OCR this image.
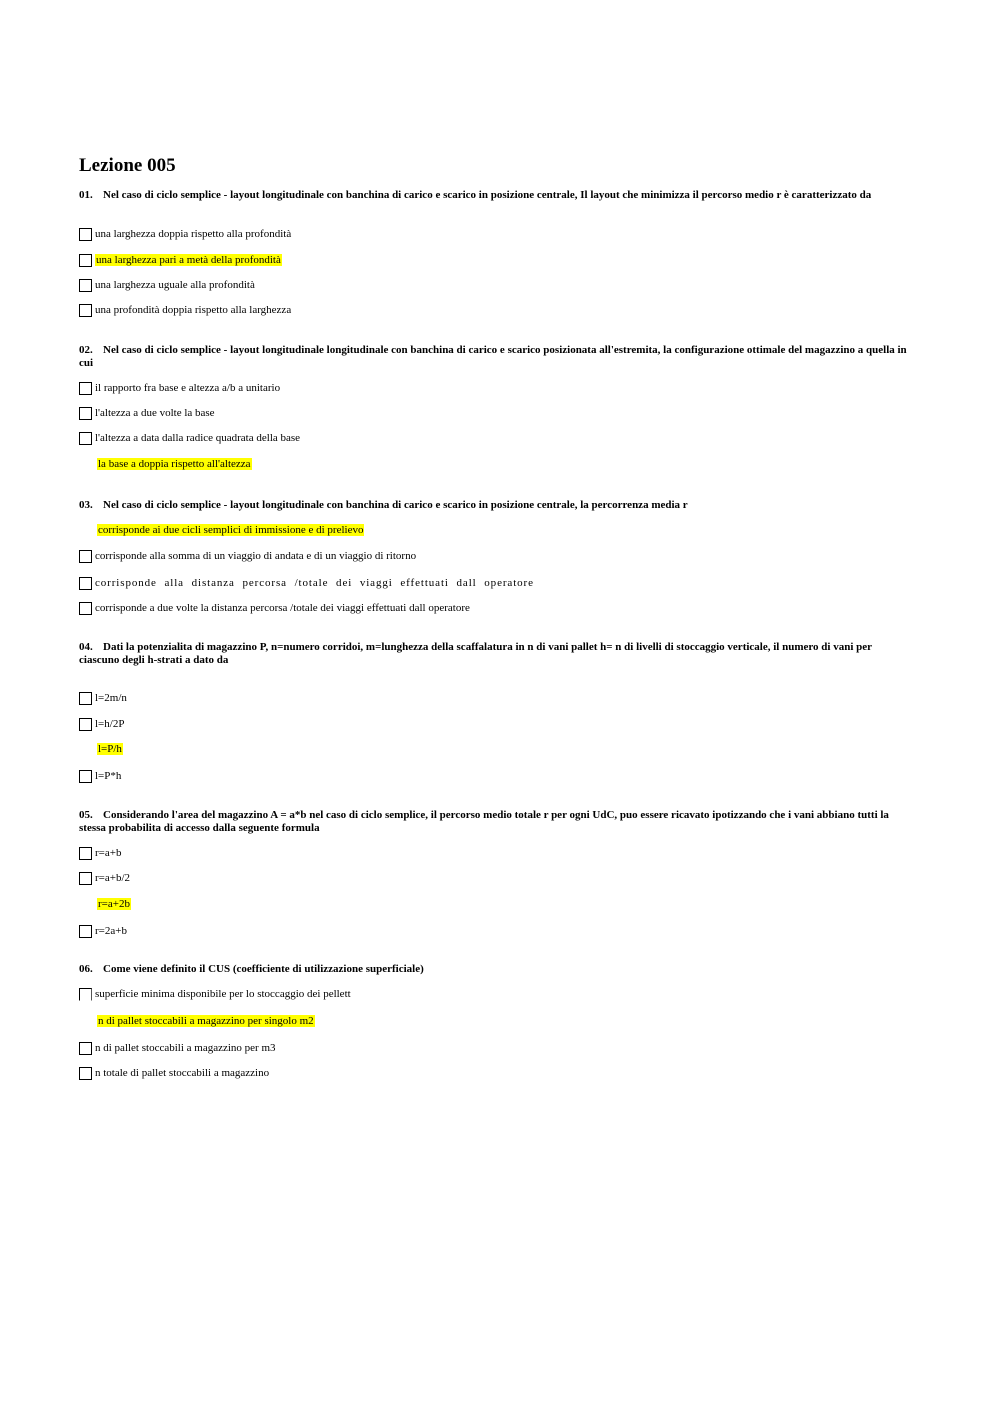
Lezione 005
01. Nel caso di ciclo semplice - layout longitudinale con banchina di carico e scarico in posizione centrale, Il layout che minimizza il percorso medio r è caratterizzato da
una larghezza doppia rispetto alla profondità
una larghezza pari a metà della profondità
una larghezza uguale alla profondità
una profondità doppia rispetto alla larghezza
02. Nel caso di ciclo semplice - layout longitudinale longitudinale con banchina di carico e scarico posizionata all'estremita, la configurazione ottimale del magazzino a quella in cui
il rapporto fra base e altezza a/b a unitario
l'altezza a due volte la base
l'altezza a data dalla radice quadrata della base
la base a doppia rispetto all'altezza
03. Nel caso di ciclo semplice - layout longitudinale con banchina di carico e scarico in posizione centrale, la percorrenza media r
corrisponde ai due cicli semplici di immissione e di prelievo
corrisponde alla somma di un viaggio di andata e di un viaggio di ritorno
corrisponde alla distanza percorsa /totale dei viaggi effettuati dall operatore
corrisponde a due volte la distanza percorsa /totale dei viaggi effettuati dall operatore
04. Dati la potenzialita di magazzino P, n=numero corridoi, m=lunghezza della scaffalatura in n di vani pallet h= n di livelli di stoccaggio verticale, il numero di vani per ciascuno degli h-strati a dato da
l=2m/n
l=h/2P
l=P/h
l=P*h
05. Considerando l'area del magazzino A = a*b nel caso di ciclo semplice, il percorso medio totale r per ogni UdC, puo essere ricavato ipotizzando che i vani abbiano tutti la stessa probabilita di accesso dalla seguente formula
r=a+b
r=a+b/2
r=a+2b
r=2a+b
06. Come viene definito il CUS (coefficiente di utilizzazione superficiale)
superficie minima disponibile per lo stoccaggio dei pellett
n di pallet stoccabili a magazzino per singolo m2
n di pallet stoccabili a magazzino per m3
n totale di pallet stoccabili a magazzino
